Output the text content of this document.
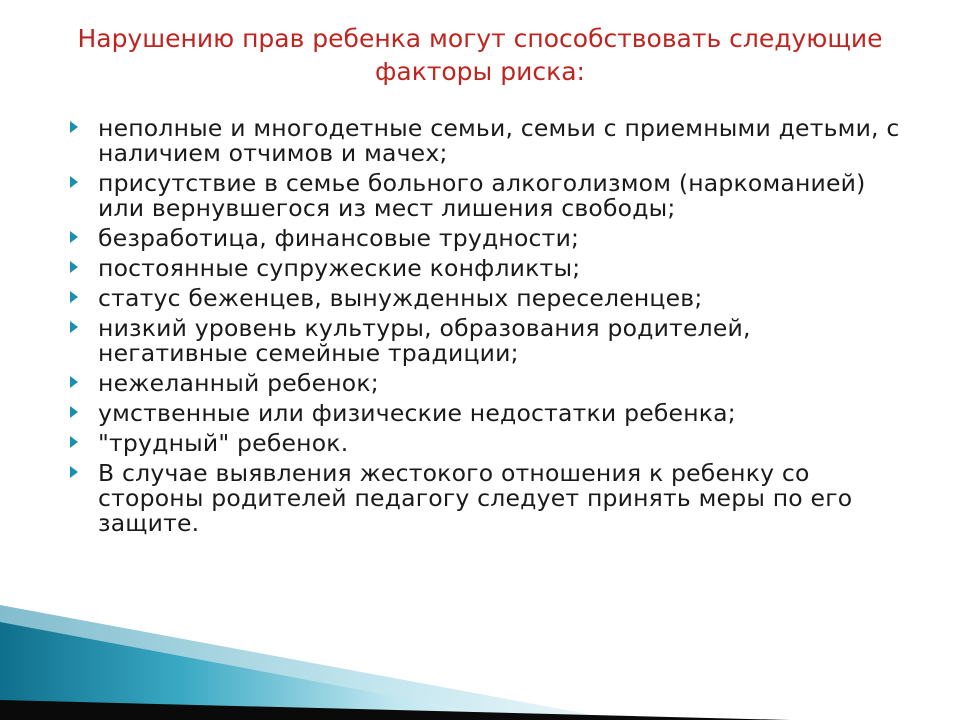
Нарушению прав ребенка могут способствовать следующие факторы риска:
неполные и многодетные семьи, семьи с приемными детьми, с наличием отчимов и мачех;
присутствие в семье больного алкоголизмом (наркоманией) или вернувшегося из мест лишения свободы;
безработица, финансовые трудности;
постоянные супружеские конфликты;
статус беженцев, вынужденных переселенцев;
низкий уровень культуры, образования родителей, негативные семейные традиции;
нежеланный ребенок;
умственные или физические недостатки ребенка;
"трудный" ребенок.
В случае выявления жестокого отношения к ребенку со стороны родителей педагогу следует принять меры по его защите.
